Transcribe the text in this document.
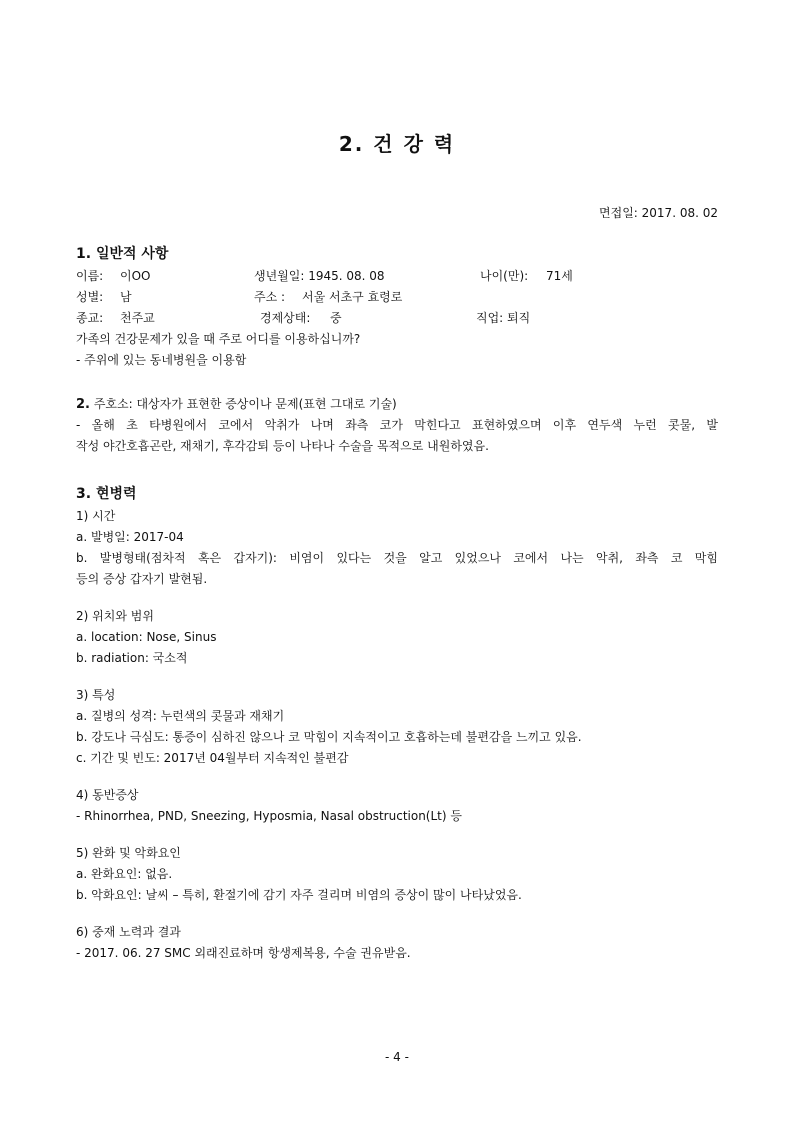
2. 건 강 력
면접일: 2017. 08. 02
1. 일반적 사항
이름: 이OO	생년월일: 1945. 08. 08	나이(만): 71세
성별: 남	주소 : 서울 서초구 효령로
종교: 천주교	경제상태: 중	직업: 퇴직
가족의 건강문제가 있을 때 주로 어디를 이용하십니까?
- 주위에 있는 동네병원을 이용함
2. 주호소: 대상자가 표현한 증상이나 문제(표현 그대로 기술)
- 올해 초 타병원에서 코에서 악취가 나며 좌측 코가 막힌다고 표현하였으며 이후 연두색 누런 콧물, 발
작성 야간호흡곤란, 재채기, 후각감퇴 등이 나타나 수술을 목적으로 내원하였음.
3. 현병력
1) 시간
a. 발병일: 2017-04
b. 발병형태(점차적 혹은 갑자기): 비염이 있다는 것을 알고 있었으나 코에서 나는 악취, 좌측 코 막힘
등의 증상 갑자기 발현됨.
2) 위치와 범위
a. location: Nose, Sinus
b. radiation: 국소적
3) 특성
a. 질병의 성격: 누런색의 콧물과 재채기
b. 강도나 극심도: 통증이 심하진 않으나 코 막힘이 지속적이고 호흡하는데 불편감을 느끼고 있음.
c. 기간 및 빈도: 2017년 04월부터 지속적인 불편감
4) 동반증상
- Rhinorrhea, PND, Sneezing, Hyposmia, Nasal obstruction(Lt) 등
5) 완화 및 악화요인
a. 완화요인: 없음.
b. 악화요인: 날씨 – 특히, 환절기에 감기 자주 걸리며 비염의 증상이 많이 나타났었음.
6) 중재 노력과 결과
- 2017. 06. 27 SMC 외래진료하며 항생제복용, 수술 권유받음.
- 4 -
